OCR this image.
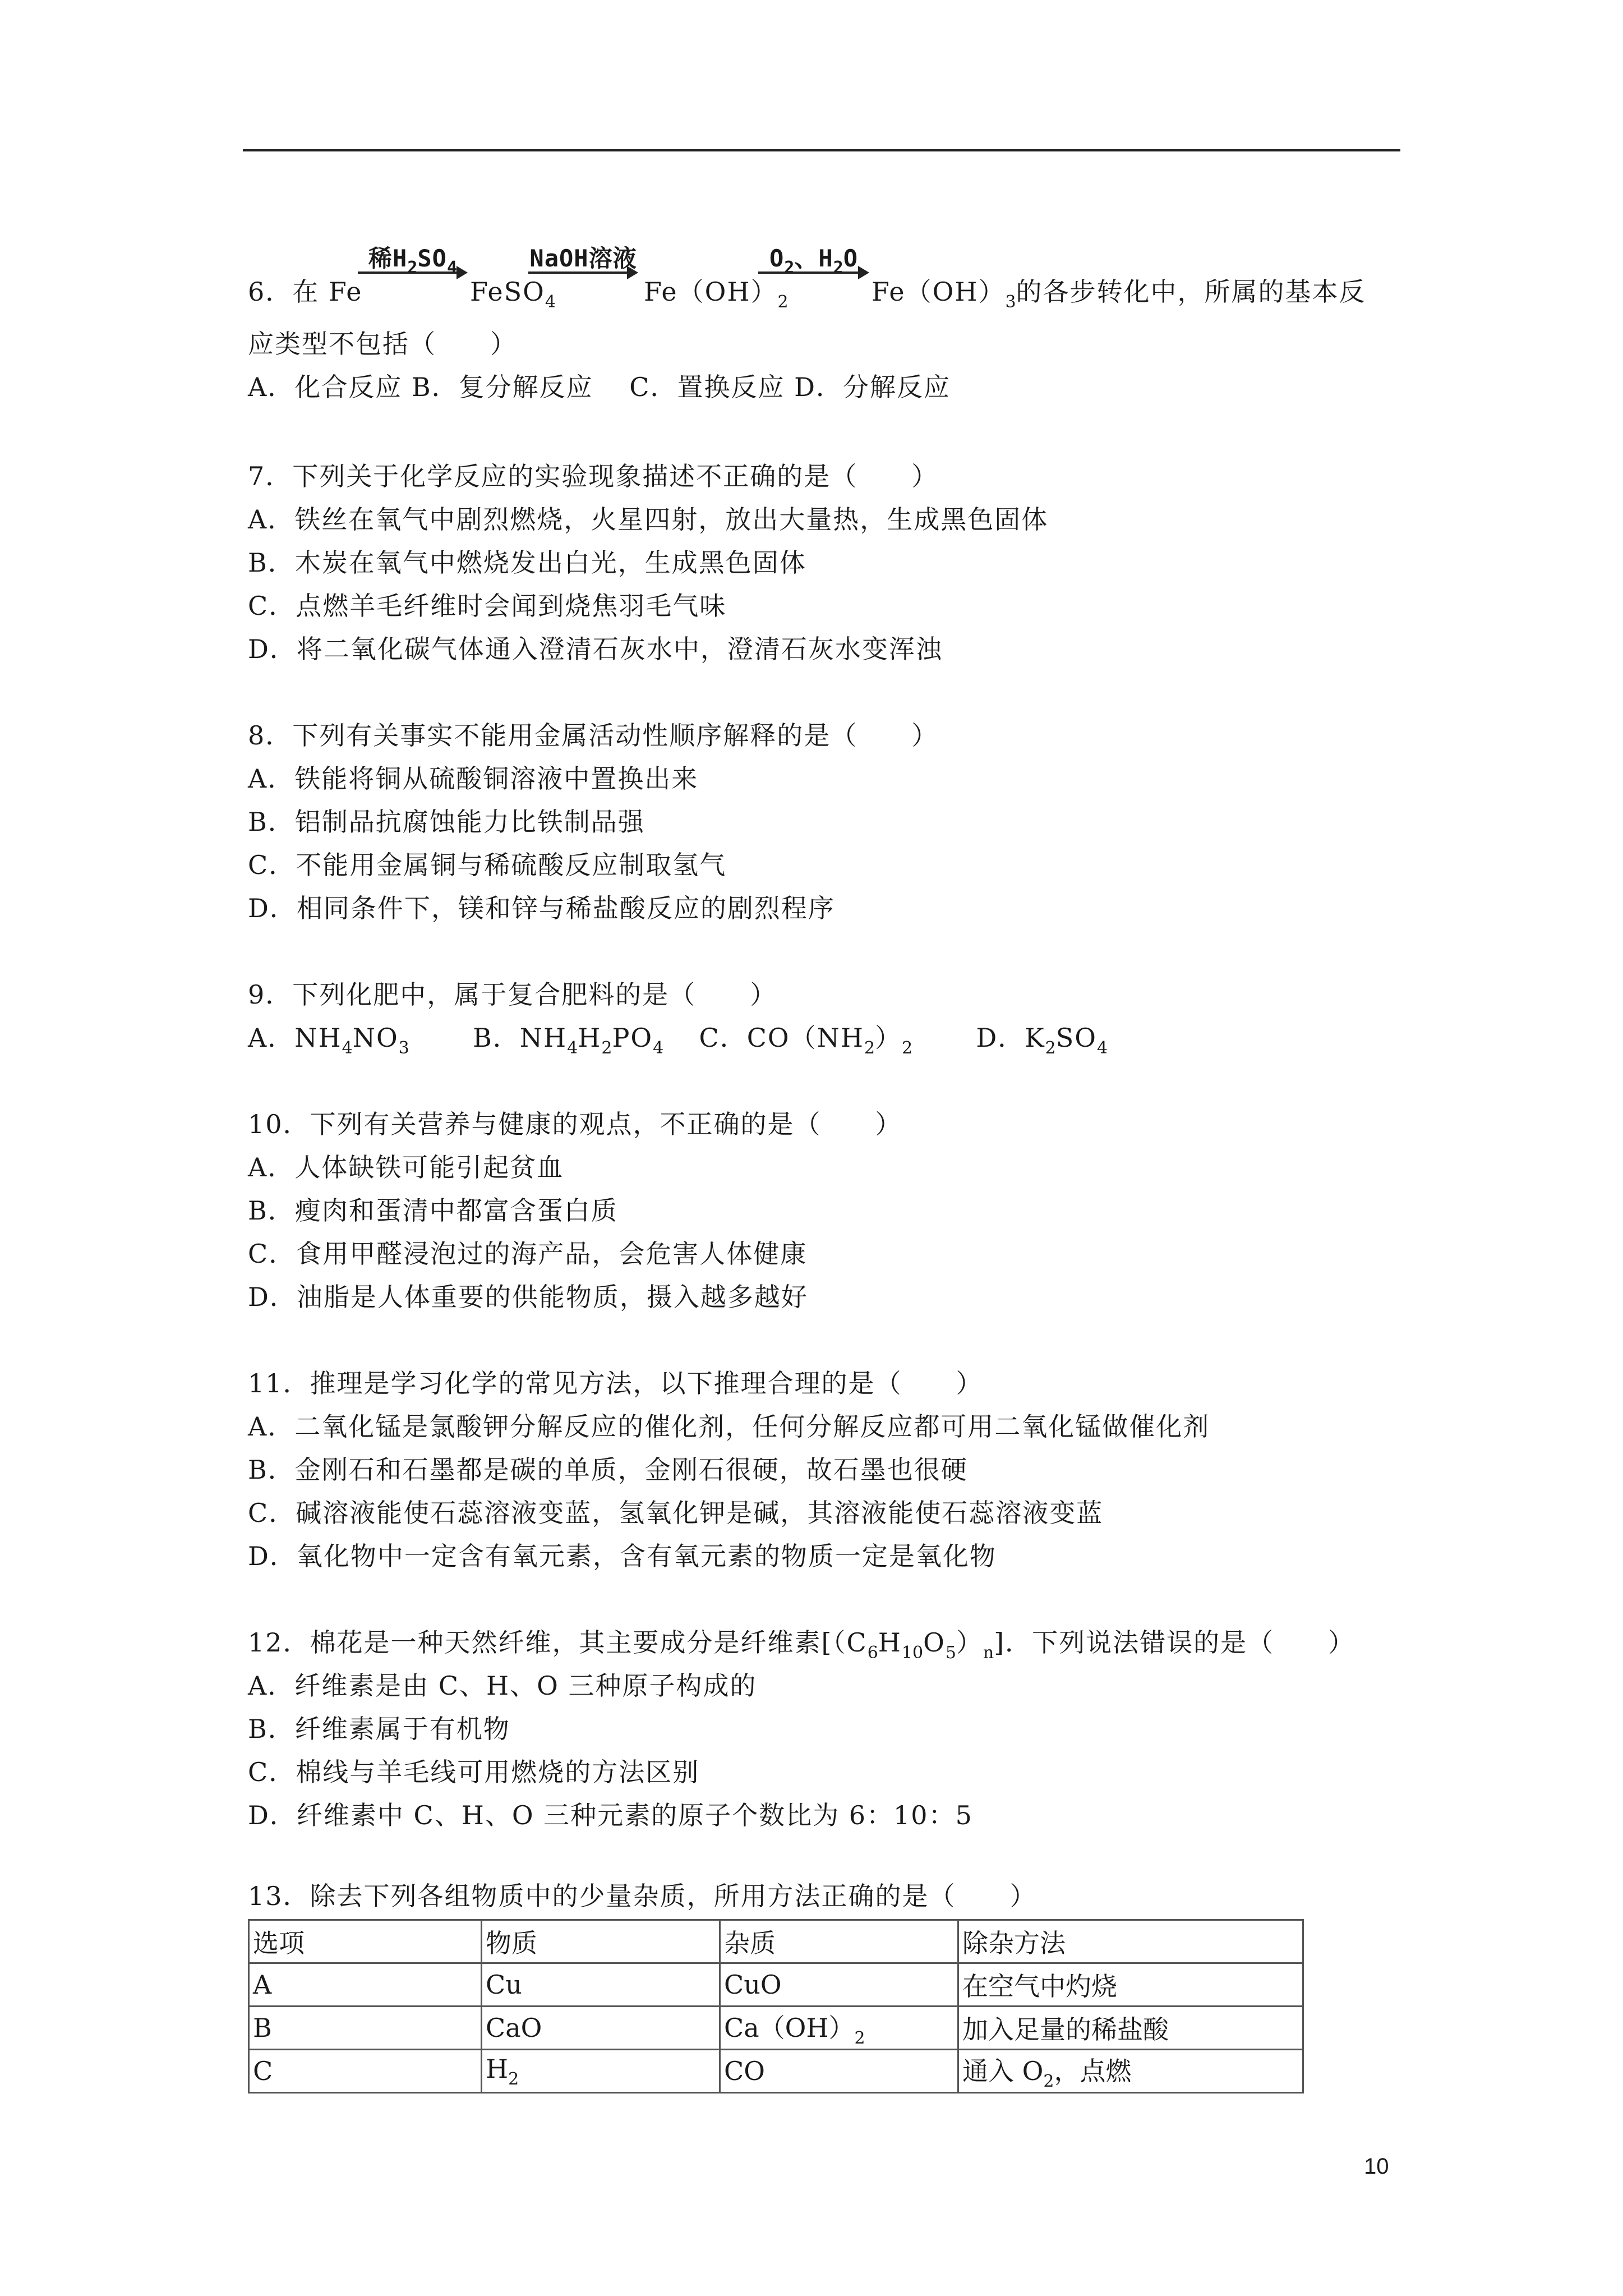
6．在 Fe
稀$H_2SO_4$
FeSO$_4$
NaOH溶液
$Fe(OH)_2$
$O_2$、$H_2O$
$Fe(OH)_3$的各步转化中，所属的基本反
应类型不包括（　　）
A．化合反应 B．复分解反应　 C．置换反应 D．分解反应
7．下列关于化学反应的实验现象描述不正确的是（　　）
A．铁丝在氧气中剧烈燃烧，火星四射，放出大量热，生成黑色固体
B．木炭在氧气中燃烧发出白光，生成黑色固体
C．点燃羊毛纤维时会闻到烧焦羽毛气味
D．将二氧化碳气体通入澄清石灰水中，澄清石灰水变浑浊
8．下列有关事实不能用金属活动性顺序解释的是（　　）
A．铁能将铜从硫酸铜溶液中置换出来
B．铝制品抗腐蚀能力比铁制品强
C．不能用金属铜与稀硫酸反应制取氢气
D．相同条件下，镁和锌与稀盐酸反应的剧烈程序
9．下列化肥中，属于复合肥料的是（　　）
A．$NH_4NO_3$ B．$NH_4H_2PO_4$ C．$CO(NH_2)_2$ D．$K_2SO_4$
10．下列有关营养与健康的观点，不正确的是（　　）
A．人体缺铁可能引起贫血
B．瘦肉和蛋清中都富含蛋白质
C．食用甲醛浸泡过的海产品，会危害人体健康
D．油脂是人体重要的供能物质，摄入越多越好
11．推理是学习化学的常见方法，以下推理合理的是（　　）
A．二氧化锰是氯酸钾分解反应的催化剂，任何分解反应都可用二氧化锰做催化剂
B．金刚石和石墨都是碳的单质，金刚石很硬，故石墨也很硬
C．碱溶液能使石蕊溶液变蓝，氢氧化钾是碱，其溶液能使石蕊溶液变蓝
D．氧化物中一定含有氧元素，含有氧元素的物质一定是氧化物
12．棉花是一种天然纤维，其主要成分是纤维素$[(C_6H_{10}O_5)_n]$．下列说法错误的是（　　）
A．纤维素是由 C、H、O 三种原子构成的
B．纤维素属于有机物
C．棉线与羊毛线可用燃烧的方法区别
D．纤维素中 C、H、O 三种元素的原子个数比为 6：10：5
13．除去下列各组物质中的少量杂质，所用方法正确的是（　　）
选项	物质	杂质	除杂方法
A	Cu	CuO	在空气中灼烧
B	CaO	$Ca(OH)_2$	加入足量的稀盐酸
C	$H_2$	CO	通入 $O_2$，点燃
10
